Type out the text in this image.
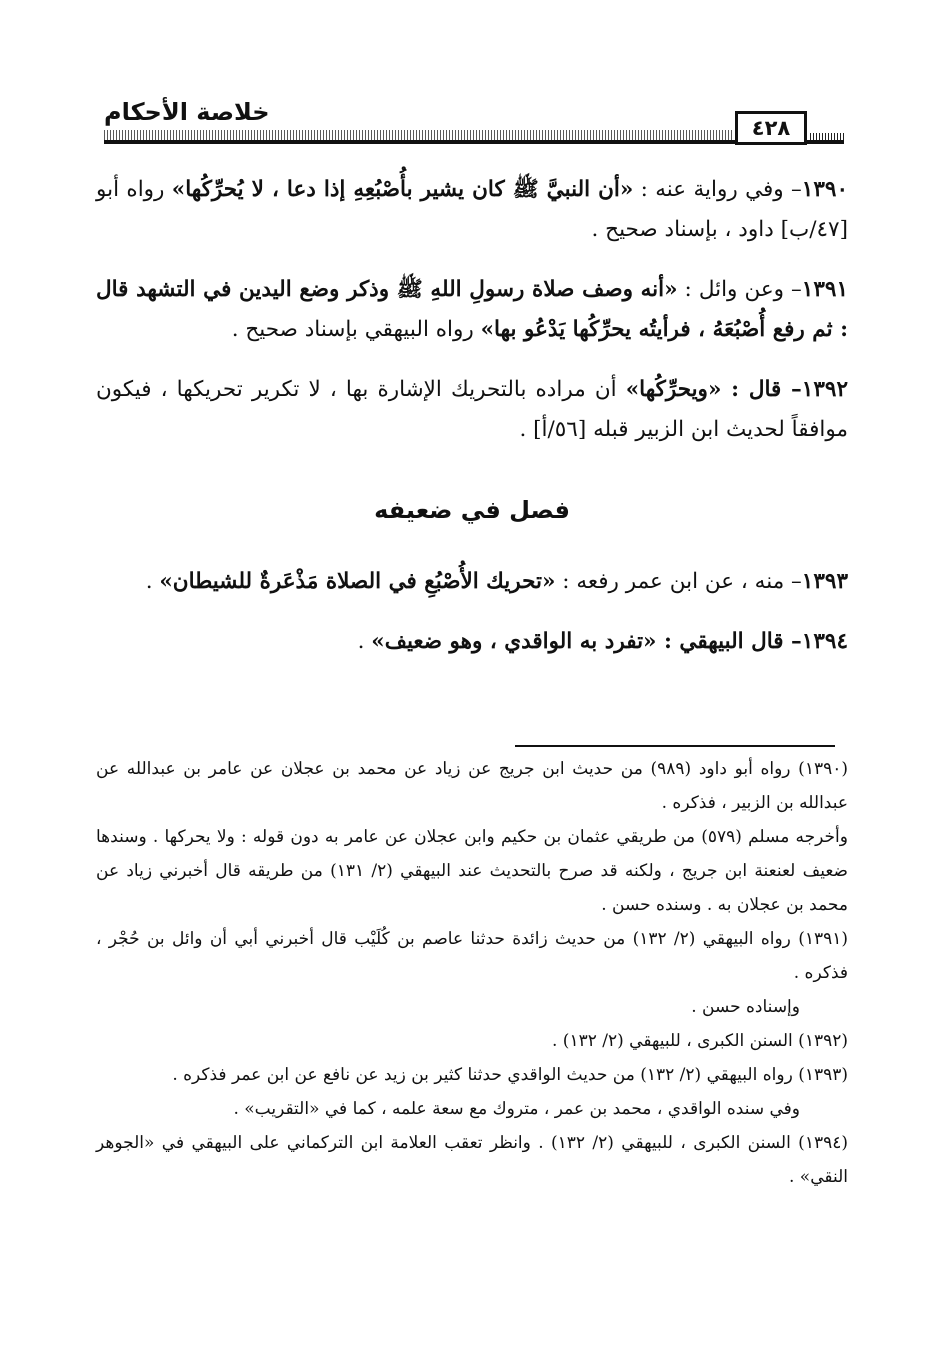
خلاصة الأحكام
٤٢٨

١٣٩٠– وفي رواية عنه : «أن النبيَّ ﷺ كان يشير بأُصْبُعِهِ إذا دعا ، لا يُحرِّكُها» رواه أبو [٤٧/ب] داود ، بإسناد صحيح .

١٣٩١– وعن وائل : «أنه وصف صلاة رسولِ اللهِ ﷺ وذكر وضع اليدين في التشهد قال : ثم رفع أُصْبُعَهُ ، فرأيتُه يحرِّكُها يَدْعُو بها» رواه البيهقي بإسناد صحيح .

١٣٩٢– قال : «ويحرِّكُها» أن مراده بالتحريك الإشارة بها ، لا تكرير تحريكها ، فيكون موافقاً لحديث ابن الزبير قبله [٥٦/أ] .

فصل في ضعيفه

١٣٩٣– منه ، عن ابن عمر رفعه : «تحريك الأُصْبُعِ في الصلاة مَذْعَرةٌ للشيطان» .

١٣٩٤– قال البيهقي : «تفرد به الواقدي ، وهو ضعيف» .

(١٣٩٠) رواه أبو داود (٩٨٩) من حديث ابن جريج عن زياد عن محمد بن عجلان عن عامر بن عبدالله عن عبدالله بن الزبير ، فذكره .

وأخرجه مسلم (٥٧٩) من طريقي عثمان بن حكيم وابن عجلان عن عامر به دون قوله : ولا يحركها . وسندها ضعيف لعنعنة ابن جريج ، ولكنه قد صرح بالتحديث عند البيهقي (٢/ ١٣١) من طريقه قال أخبرني زياد عن محمد بن عجلان به . وسنده حسن .

(١٣٩١) رواه البيهقي (٢/ ١٣٢) من حديث زائدة حدثنا عاصم بن كُلَيْب قال أخبرني أبي أن وائل بن حُجْر ، فذكره .

وإسناده حسن .

(١٣٩٢) السنن الكبرى ، للبيهقي (٢/ ١٣٢) .

(١٣٩٣) رواه البيهقي (٢/ ١٣٢) من حديث الواقدي حدثنا كثير بن زيد عن نافع عن ابن عمر فذكره .

وفي سنده الواقدي ، محمد بن عمر ، متروك مع سعة علمه ، كما في «التقريب» .

(١٣٩٤) السنن الكبرى ، للبيهقي (٢/ ١٣٢) . وانظر تعقب العلامة ابن التركماني على البيهقي في «الجوهر النقي» .
